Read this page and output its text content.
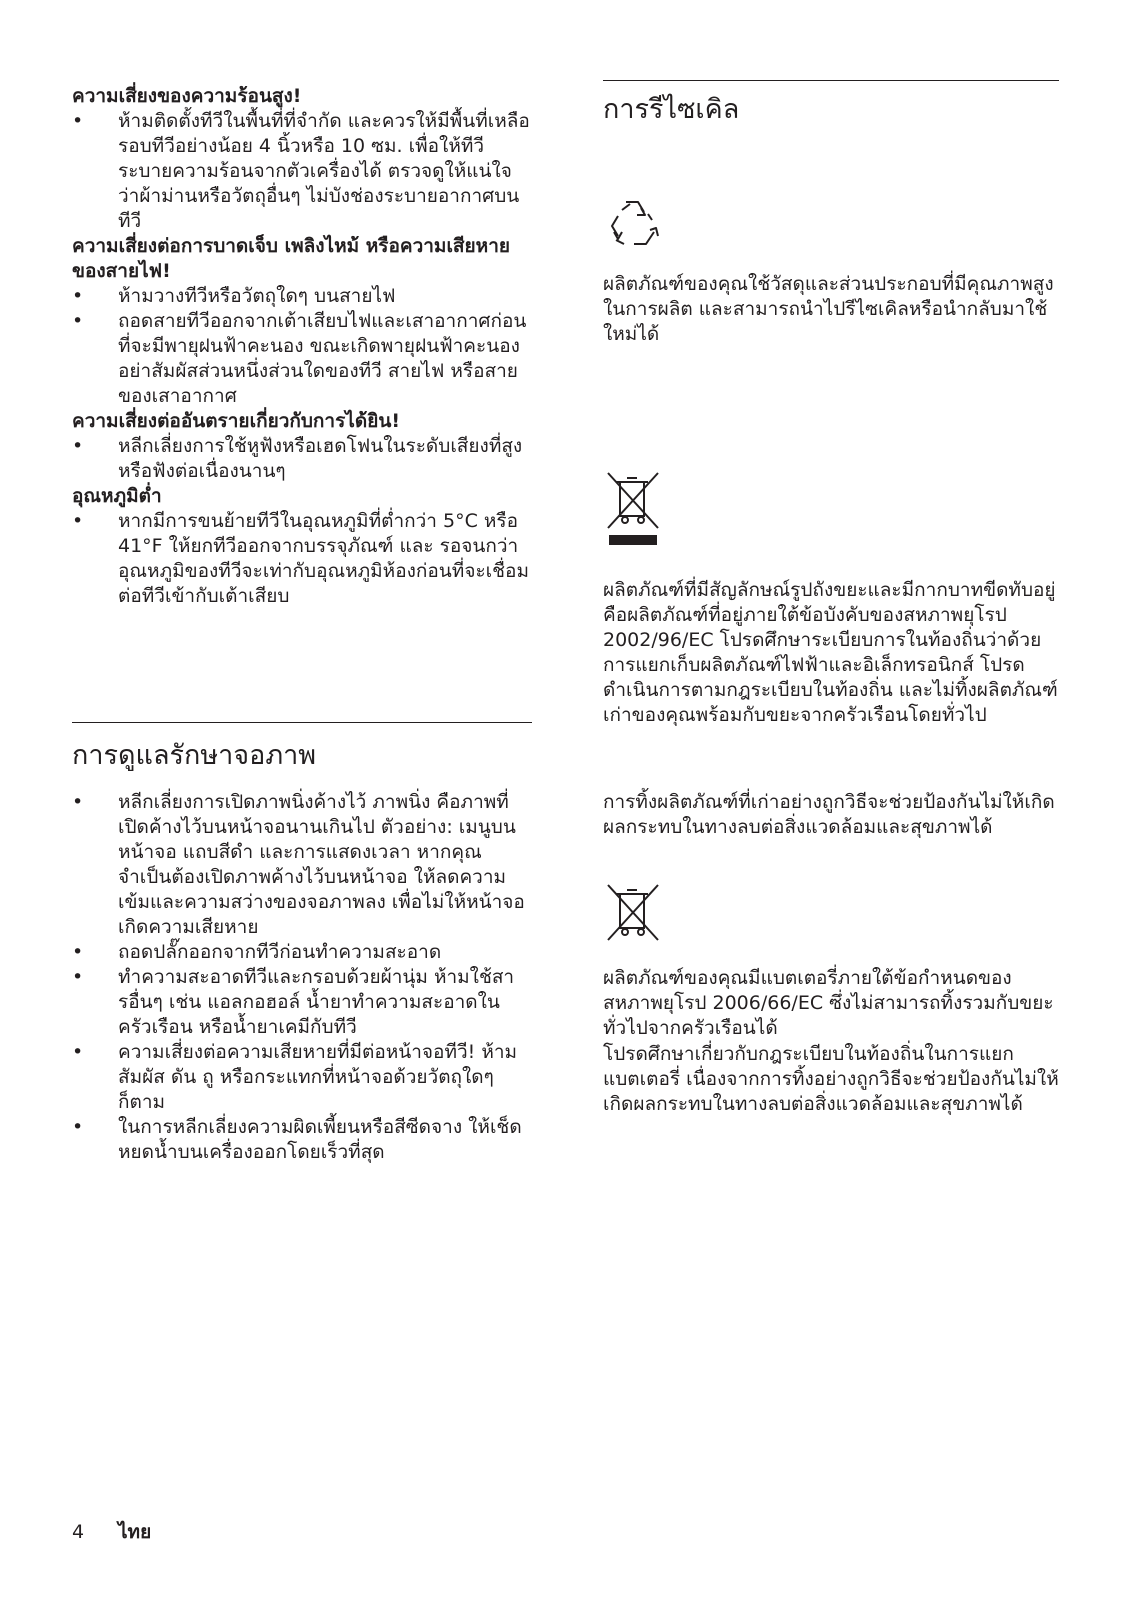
ความเสี่ยงของความร้อนสูง!

• ห้ามติดตั้งทีวีในพื้นที่ที่จำกัด และควรให้มีพื้นที่เหลือรอบทีวีอย่างน้อย 4 นิ้วหรือ 10 ซม. เพื่อให้ทีวีระบายความร้อนจากตัวเครื่องได้ ตรวจดูให้แน่ใจว่าผ้าม่านหรือวัตถุอื่นๆ ไม่บังช่องระบายอากาศบนทีวี

ความเสี่ยงต่อการบาดเจ็บ เพลิงไหม้ หรือความเสียหายของสายไฟ!

• ห้ามวางทีวีหรือวัตถุใดๆ บนสายไฟ
• ถอดสายทีวีออกจากเต้าเสียบไฟและเสาอากาศก่อนที่จะมีพายุฝนฟ้าคะนอง ขณะเกิดพายุฝนฟ้าคะนอง อย่าสัมผัสส่วนหนึ่งส่วนใดของทีวี สายไฟ หรือสายของเสาอากาศ

ความเสี่ยงต่ออันตรายเกี่ยวกับการได้ยิน!

• หลีกเลี่ยงการใช้หูฟังหรือเฮดโฟนในระดับเสียงที่สูงหรือฟังต่อเนื่องนานๆ

อุณหภูมิต่ำ

• หากมีการขนย้ายทีวีในอุณหภูมิที่ต่ำกว่า 5°C หรือ 41°F ให้ยกทีวีออกจากบรรจุภัณฑ์ และ รอจนกว่าอุณหภูมิของทีวีจะเท่ากับอุณหภูมิห้องก่อนที่จะเชื่อมต่อทีวีเข้ากับเต้าเสียบ
การดูแลรักษาจอภาพ
• หลีกเลี่ยงการเปิดภาพนิ่งค้างไว้ ภาพนิ่ง คือภาพที่เปิดค้างไว้บนหน้าจอนานเกินไป ตัวอย่าง: เมนูบนหน้าจอ แถบสีดำ และการแสดงเวลา หากคุณจำเป็นต้องเปิดภาพค้างไว้บนหน้าจอ ให้ลดความเข้มและความสว่างของจอภาพลง เพื่อไม่ให้หน้าจอเกิดความเสียหาย
• ถอดปลั๊กออกจากทีวีก่อนทำความสะอาด
• ทำความสะอาดทีวีและกรอบด้วยผ้านุ่ม ห้ามใช้สารอื่นๆ เช่น แอลกอฮอล์ น้ำยาทำความสะอาดในครัวเรือน หรือน้ำยาเคมีกับทีวี
• ความเสี่ยงต่อความเสียหายที่มีต่อหน้าจอทีวี! ห้ามสัมผัส ดัน ถู หรือกระแทกที่หน้าจอด้วยวัตถุใดๆ ก็ตาม
• ในการหลีกเลี่ยงความผิดเพี้ยนหรือสีซีดจาง ให้เช็ดหยดน้ำบนเครื่องออกโดยเร็วที่สุด
การรีไซเคิล
ผลิตภัณฑ์ของคุณใช้วัสดุและส่วนประกอบที่มีคุณภาพสูงในการผลิต และสามารถนำไปรีไซเคิลหรือนำกลับมาใช้ใหม่ได้
ผลิตภัณฑ์ที่มีสัญลักษณ์รูปถังขยะและมีกากบาทขีดทับอยู่ คือผลิตภัณฑ์ที่อยู่ภายใต้ข้อบังคับของสหภาพยุโรป 2002/96/EC โปรดศึกษาระเบียบการในท้องถิ่นว่าด้วยการแยกเก็บผลิตภัณฑ์ไฟฟ้าและอิเล็กทรอนิกส์ โปรดดำเนินการตามกฎระเบียบในท้องถิ่น และไม่ทิ้งผลิตภัณฑ์เก่าของคุณพร้อมกับขยะจากครัวเรือนโดยทั่วไป
การทิ้งผลิตภัณฑ์ที่เก่าอย่างถูกวิธีจะช่วยป้องกันไม่ให้เกิดผลกระทบในทางลบต่อสิ่งแวดล้อมและสุขภาพได้
ผลิตภัณฑ์ของคุณมีแบตเตอรี่ภายใต้ข้อกำหนดของสหภาพยุโรป 2006/66/EC ซึ่งไม่สามารถทิ้งรวมกับขยะทั่วไปจากครัวเรือนได้
โปรดศึกษาเกี่ยวกับกฎระเบียบในท้องถิ่นในการแยกแบตเตอรี่ เนื่องจากการทิ้งอย่างถูกวิธีจะช่วยป้องกันไม่ให้เกิดผลกระทบในทางลบต่อสิ่งแวดล้อมและสุขภาพได้
4 ไทย
